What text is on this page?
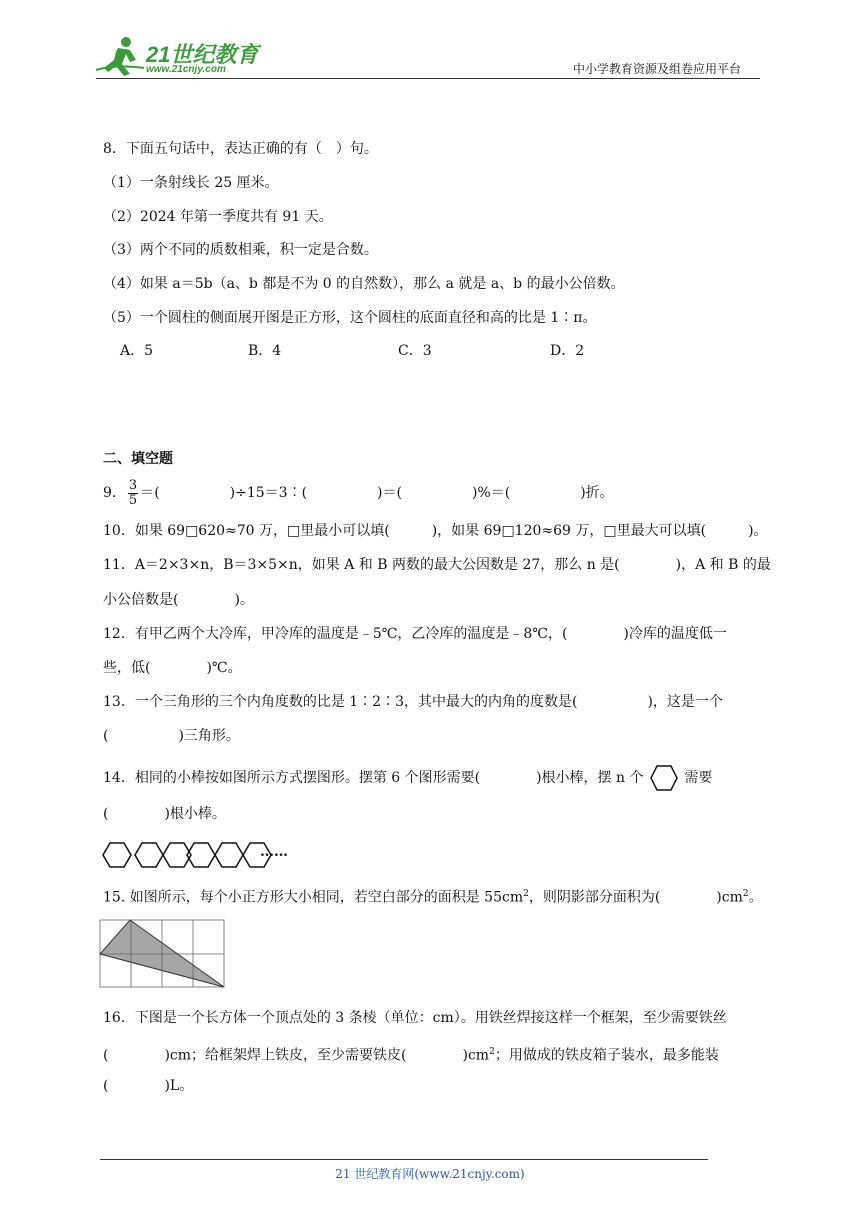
21世纪教育
www.21cnjy.com	中小学教育资源及组卷应用平台
8．下面五句话中，表达正确的有（　）句。
（1）一条射线长 25 厘米。
（2）2024 年第一季度共有 91 天。
（3）两个不同的质数相乘，积一定是合数。
（4）如果 a＝5b（a、b 都是不为 0 的自然数），那么 a 就是 a、b 的最小公倍数。
（5）一个圆柱的侧面展开图是正方形，这个圆柱的底面直径和高的比是 1∶π。
A．5	B．4	C．3	D．2
二、填空题
9． $\frac{3}{5}$ ＝(　　　　　)÷15＝3∶(　　　　　)＝(　　　　　)%＝(　　　　　)折。
10．如果 69□620≈70 万，□里最小可以填(　　　)，如果 69□120≈69 万，□里最大可以填(　　　)。
11．A＝2×3×n，B＝3×5×n，如果 A 和 B 两数的最大公因数是 27，那么 n 是(　　　　)，A 和 B 的最
小公倍数是(　　　　)。
12．有甲乙两个大冷库，甲冷库的温度是﹣5℃，乙冷库的温度是﹣8℃，(　　　　)冷库的温度低一
些，低(　　　　)℃。
13．一个三角形的三个内角度数的比是 1∶2∶3，其中最大的内角的度数是(　　　　　)，这是一个
(　　　　　)三角形。
14．相同的小棒按如图所示方式摆图形。摆第 6 个图形需要(　　　　)根小棒，摆 n 个	需要
(　　　　)根小棒。
……
15. 如图所示，每个小正方形大小相同，若空白部分的面积是 $55cm^2$，则阴影部分面积为(　　　　)$cm^2$。
16．下图是一个长方体一个顶点处的 3 条棱（单位：cm）。用铁丝焊接这样一个框架，至少需要铁丝
(　　　　)cm；给框架焊上铁皮，至少需要铁皮(　　　　)$cm^2$；用做成的铁皮箱子装水，最多能装
(　　　　)L。
21 世纪教育网(www.21cnjy.com)
